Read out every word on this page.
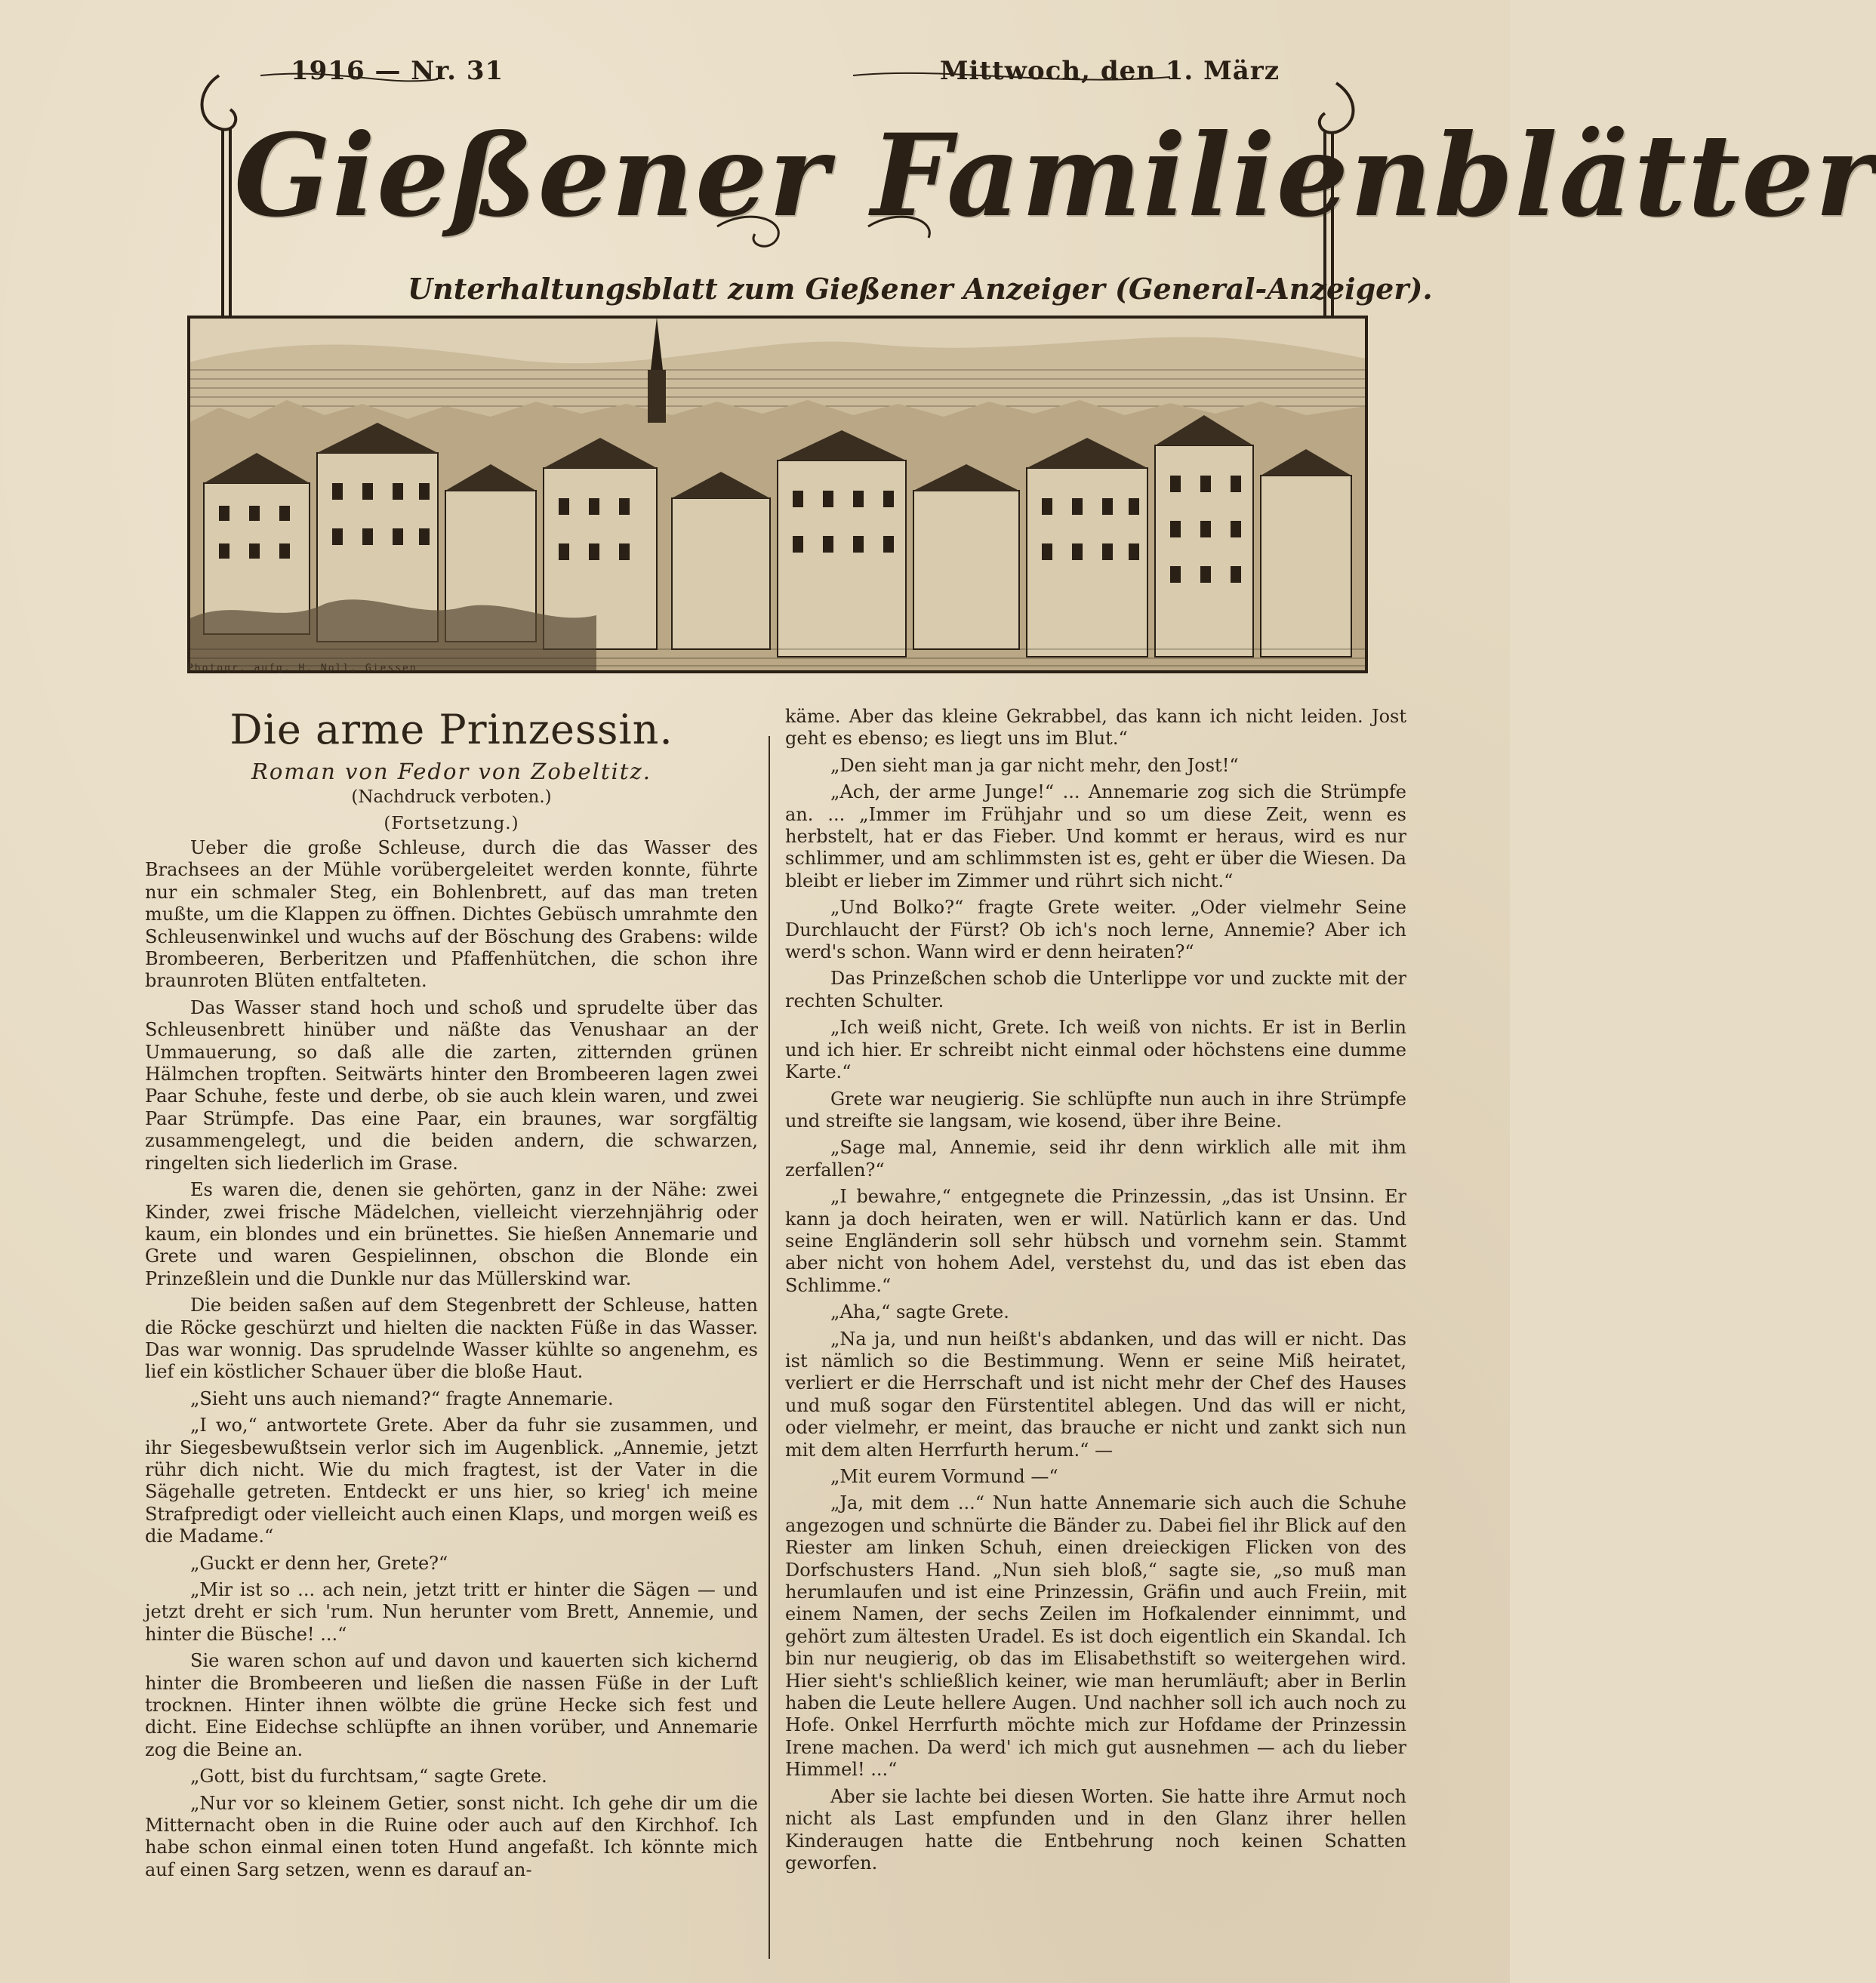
1916 — Nr. 31	Mittwoch, den 1. März
Gießener Familienblätter
Unterhaltungsblatt zum Gießener Anzeiger (General-Anzeiger).
Photogr. aufg. H. Noll, Giessen
Die arme Prinzessin.
Roman von Fedor von Zobeltitz.
(Nachdruck verboten.)
(Fortsetzung.)

Ueber die große Schleuse, durch die das Wasser des Brachsees an der Mühle vorübergeleitet werden konnte, führte nur ein schmaler Steg, ein Bohlenbrett, auf das man treten mußte, um die Klappen zu öffnen. Dichtes Gebüsch umrahmte den Schleusenwinkel und wuchs auf der Böschung des Grabens: wilde Brombeeren, Berberitzen und Pfaffenhütchen, die schon ihre braunroten Blüten entfalteten.

Das Wasser stand hoch und schoß und sprudelte über das Schleusenbrett hinüber und näßte das Venushaar an der Ummauerung, so daß alle die zarten, zitternden grünen Hälmchen tropften. Seitwärts hinter den Brombeeren lagen zwei Paar Schuhe, feste und derbe, ob sie auch klein waren, und zwei Paar Strümpfe. Das eine Paar, ein braunes, war sorgfältig zusammengelegt, und die beiden andern, die schwarzen, ringelten sich liederlich im Grase.

Es waren die, denen sie gehörten, ganz in der Nähe: zwei Kinder, zwei frische Mädelchen, vielleicht vierzehnjährig oder kaum, ein blondes und ein brünettes. Sie hießen Annemarie und Grete und waren Gespielinnen, obschon die Blonde ein Prinzeßlein und die Dunkle nur das Müllerskind war.

Die beiden saßen auf dem Stegenbrett der Schleuse, hatten die Röcke geschürzt und hielten die nackten Füße in das Wasser. Das war wonnig. Das sprudelnde Wasser kühlte so angenehm, es lief ein köstlicher Schauer über die bloße Haut.

„Sieht uns auch niemand?“ fragte Annemarie.

„I wo,“ antwortete Grete. Aber da fuhr sie zusammen, und ihr Siegesbewußtsein verlor sich im Augenblick. „Annemie, jetzt rühr dich nicht. Wie du mich fragtest, ist der Vater in die Sägehalle getreten. Entdeckt er uns hier, so krieg' ich meine Strafpredigt oder vielleicht auch einen Klaps, und morgen weiß es die Madame.“

„Guckt er denn her, Grete?“

„Mir ist so ... ach nein, jetzt tritt er hinter die Sägen — und jetzt dreht er sich 'rum. Nun herunter vom Brett, Annemie, und hinter die Büsche! ...“

Sie waren schon auf und davon und kauerten sich kichernd hinter die Brombeeren und ließen die nassen Füße in der Luft trocknen. Hinter ihnen wölbte die grüne Hecke sich fest und dicht. Eine Eidechse schlüpfte an ihnen vorüber, und Annemarie zog die Beine an.

„Gott, bist du furchtsam,“ sagte Grete.

„Nur vor so kleinem Getier, sonst nicht. Ich gehe dir um die Mitternacht oben in die Ruine oder auch auf den Kirchhof. Ich habe schon einmal einen toten Hund angefaßt. Ich könnte mich auf einen Sarg setzen, wenn es darauf an-

käme. Aber das kleine Gekrabbel, das kann ich nicht leiden. Jost geht es ebenso; es liegt uns im Blut.“

„Den sieht man ja gar nicht mehr, den Jost!“

„Ach, der arme Junge!“ ... Annemarie zog sich die Strümpfe an. ... „Immer im Frühjahr und so um diese Zeit, wenn es herbstelt, hat er das Fieber. Und kommt er heraus, wird es nur schlimmer, und am schlimmsten ist es, geht er über die Wiesen. Da bleibt er lieber im Zimmer und rührt sich nicht.“

„Und Bolko?“ fragte Grete weiter. „Oder vielmehr Seine Durchlaucht der Fürst? Ob ich's noch lerne, Annemie? Aber ich werd's schon. Wann wird er denn heiraten?“

Das Prinzeßchen schob die Unterlippe vor und zuckte mit der rechten Schulter.

„Ich weiß nicht, Grete. Ich weiß von nichts. Er ist in Berlin und ich hier. Er schreibt nicht einmal oder höchstens eine dumme Karte.“

Grete war neugierig. Sie schlüpfte nun auch in ihre Strümpfe und streifte sie langsam, wie kosend, über ihre Beine.

„Sage mal, Annemie, seid ihr denn wirklich alle mit ihm zerfallen?“

„I bewahre,“ entgegnete die Prinzessin, „das ist Unsinn. Er kann ja doch heiraten, wen er will. Natürlich kann er das. Und seine Engländerin soll sehr hübsch und vornehm sein. Stammt aber nicht von hohem Adel, verstehst du, und das ist eben das Schlimme.“

„Aha,“ sagte Grete.

„Na ja, und nun heißt's abdanken, und das will er nicht. Das ist nämlich so die Bestimmung. Wenn er seine Miß heiratet, verliert er die Herrschaft und ist nicht mehr der Chef des Hauses und muß sogar den Fürstentitel ablegen. Und das will er nicht, oder vielmehr, er meint, das brauche er nicht und zankt sich nun mit dem alten Herrfurth herum.“ —

„Mit eurem Vormund —“

„Ja, mit dem ...“ Nun hatte Annemarie sich auch die Schuhe angezogen und schnürte die Bänder zu. Dabei fiel ihr Blick auf den Riester am linken Schuh, einen dreieckigen Flicken von des Dorfschusters Hand. „Nun sieh bloß,“ sagte sie, „so muß man herumlaufen und ist eine Prinzessin, Gräfin und auch Freiin, mit einem Namen, der sechs Zeilen im Hofkalender einnimmt, und gehört zum ältesten Uradel. Es ist doch eigentlich ein Skandal. Ich bin nur neugierig, ob das im Elisabethstift so weitergehen wird. Hier sieht's schließlich keiner, wie man herumläuft; aber in Berlin haben die Leute hellere Augen. Und nachher soll ich auch noch zu Hofe. Onkel Herrfurth möchte mich zur Hofdame der Prinzessin Irene machen. Da werd' ich mich gut ausnehmen — ach du lieber Himmel! ...“

Aber sie lachte bei diesen Worten. Sie hatte ihre Armut noch nicht als Last empfunden und in den Glanz ihrer hellen Kinderaugen hatte die Entbehrung noch keinen Schatten geworfen.
